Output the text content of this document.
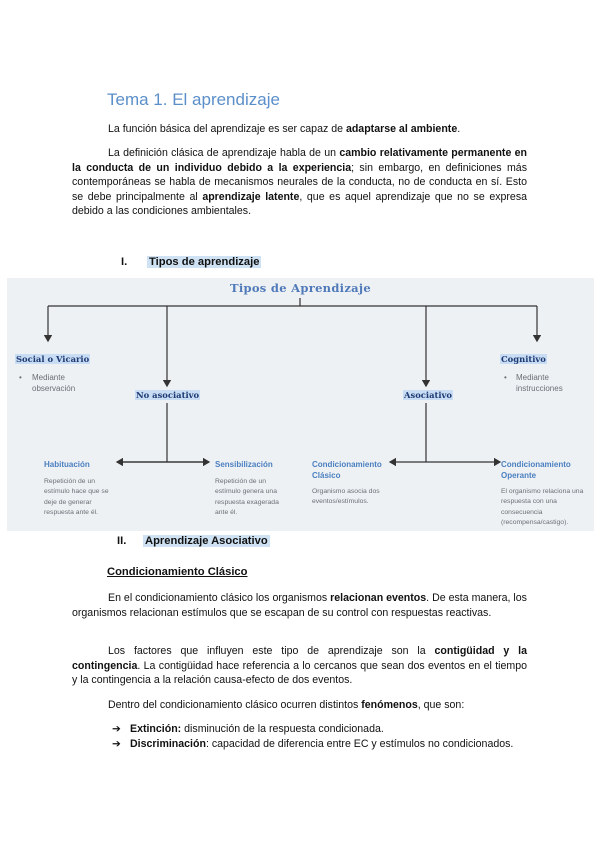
Tema 1. El aprendizaje
La función básica del aprendizaje es ser capaz de adaptarse al ambiente.
La definición clásica de aprendizaje habla de un cambio relativamente permanente en la conducta de un individuo debido a la experiencia; sin embargo, en definiciones más contemporáneas se habla de mecanismos neurales de la conducta, no de conducta en sí. Esto se debe principalmente al aprendizaje latente, que es aquel aprendizaje que no se expresa debido a las condiciones ambientales.
I. Tipos de aprendizaje
Tipos de Aprendizaje
Social o Vicario
• Mediante
observación
No asociativo	Asociativo
Cognitivo
• Mediante
instrucciones
Habituación
Repetición de un
estímulo hace que se
deje de generar
respuesta ante él.
Sensibilización
Repetición de un
estímulo genera una
respuesta exagerada
ante él.
Condicionamiento
Clásico
Organismo asocia dos
eventos/estímulos.
Condicionamiento
Operante
El organismo relaciona una
respuesta con una
consecuencia
(recompensa/castigo).
II. Aprendizaje Asociativo
Condicionamiento Clásico
En el condicionamiento clásico los organismos relacionan eventos. De esta manera, los organismos relacionan estímulos que se escapan de su control con respuestas reactivas.
Los factores que influyen este tipo de aprendizaje son la contigüidad y la contingencia. La contigüidad hace referencia a lo cercanos que sean dos eventos en el tiempo y la contingencia a la relación causa-efecto de dos eventos.
Dentro del condicionamiento clásico ocurren distintos fenómenos, que son:
➔ Extinción: disminución de la respuesta condicionada.
➔ Discriminación: capacidad de diferencia entre EC y estímulos no condicionados.
